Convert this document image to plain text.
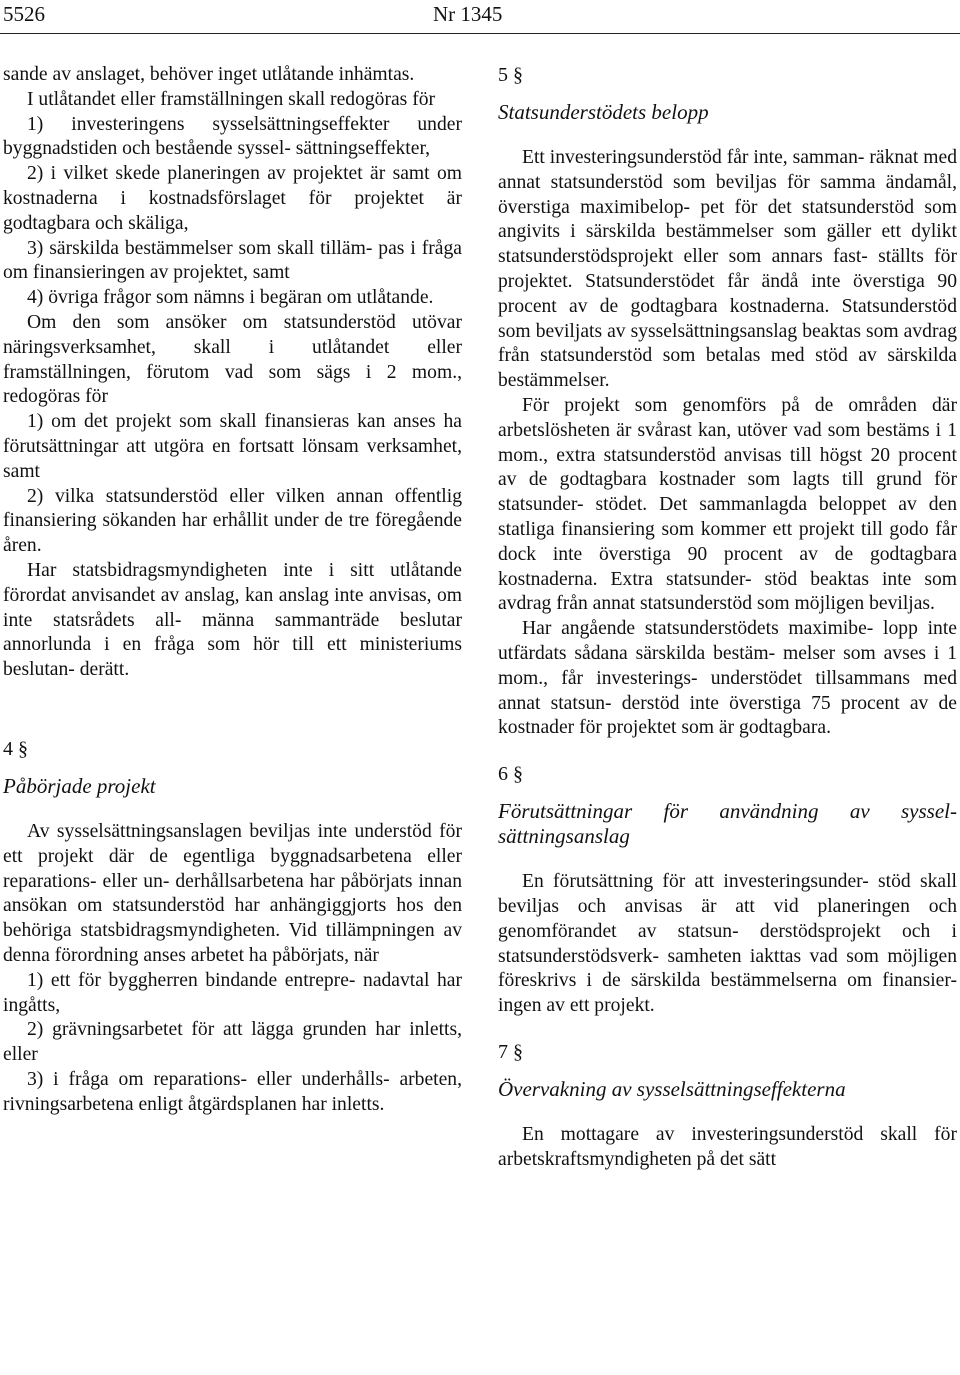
5526	Nr 1345

sande av anslaget, behöver inget utlåtande inhämtas.

I utlåtandet eller framställningen skall redogöras för

1) investeringens sysselsättningseffekter under byggnadstiden och bestående syssel- sättningseffekter,

2) i vilket skede planeringen av projektet är samt om kostnaderna i kostnadsförslaget för projektet är godtagbara och skäliga,

3) särskilda bestämmelser som skall tilläm- pas i fråga om finansieringen av projektet, samt

4) övriga frågor som nämns i begäran om utlåtande.

Om den som ansöker om statsunderstöd utövar näringsverksamhet, skall i utlåtandet eller framställningen, förutom vad som sägs i 2 mom., redogöras för

1) om det projekt som skall finansieras kan anses ha förutsättningar att utgöra en fortsatt lönsam verksamhet, samt

2) vilka statsunderstöd eller vilken annan offentlig finansiering sökanden har erhållit under de tre föregående åren.

Har statsbidragsmyndigheten inte i sitt utlåtande förordat anvisandet av anslag, kan anslag inte anvisas, om inte statsrådets all- männa sammanträde beslutar annorlunda i en fråga som hör till ett ministeriums beslutan- derätt.

4 §

Påbörjade projekt

Av sysselsättningsanslagen beviljas inte understöd för ett projekt där de egentliga byggnadsarbetena eller reparations- eller un- derhållsarbetena har påbörjats innan ansökan om statsunderstöd har anhängiggjorts hos den behöriga statsbidragsmyndigheten. Vid tillämpningen av denna förordning anses arbetet ha påbörjats, när

1) ett för byggherren bindande entrepre- nadavtal har ingåtts,

2) grävningsarbetet för att lägga grunden har inletts, eller

3) i fråga om reparations- eller underhålls- arbeten, rivningsarbetena enligt åtgärdsplanen har inletts.

5 §

Statsunderstödets belopp

Ett investeringsunderstöd får inte, samman- räknat med annat statsunderstöd som beviljas för samma ändamål, överstiga maximibelop- pet för det statsunderstöd som angivits i särskilda bestämmelser som gäller ett dylikt statsunderstödsprojekt eller som annars fast- ställts för projektet. Statsunderstödet får ändå inte överstiga 90 procent av de godtagbara kostnaderna. Statsunderstöd som beviljats av sysselsättningsanslag beaktas som avdrag från statsunderstöd som betalas med stöd av särskilda bestämmelser.

För projekt som genomförs på de områden där arbetslösheten är svårast kan, utöver vad som bestäms i 1 mom., extra statsunderstöd anvisas till högst 20 procent av de godtagbara kostnader som lagts till grund för statsunder- stödet. Det sammanlagda beloppet av den statliga finansiering som kommer ett projekt till godo får dock inte överstiga 90 procent av de godtagbara kostnaderna. Extra statsunder- stöd beaktas inte som avdrag från annat statsunderstöd som möjligen beviljas.

Har angående statsunderstödets maximibe- lopp inte utfärdats sådana särskilda bestäm- melser som avses i 1 mom., får investerings- understödet tillsammans med annat statsun- derstöd inte överstiga 75 procent av de kostnader för projektet som är godtagbara.

6 §

Förutsättningar för användning av syssel- sättningsanslag

En förutsättning för att investeringsunder- stöd skall beviljas och anvisas är att vid planeringen och genomförandet av statsun- derstödsprojekt och i statsunderstödsverk- samheten iakttas vad som möjligen föreskrivs i de särskilda bestämmelserna om finansier- ingen av ett projekt.

7 §

Övervakning av sysselsättningseffekterna

En mottagare av investeringsunderstöd skall för arbetskraftsmyndigheten på det sätt
